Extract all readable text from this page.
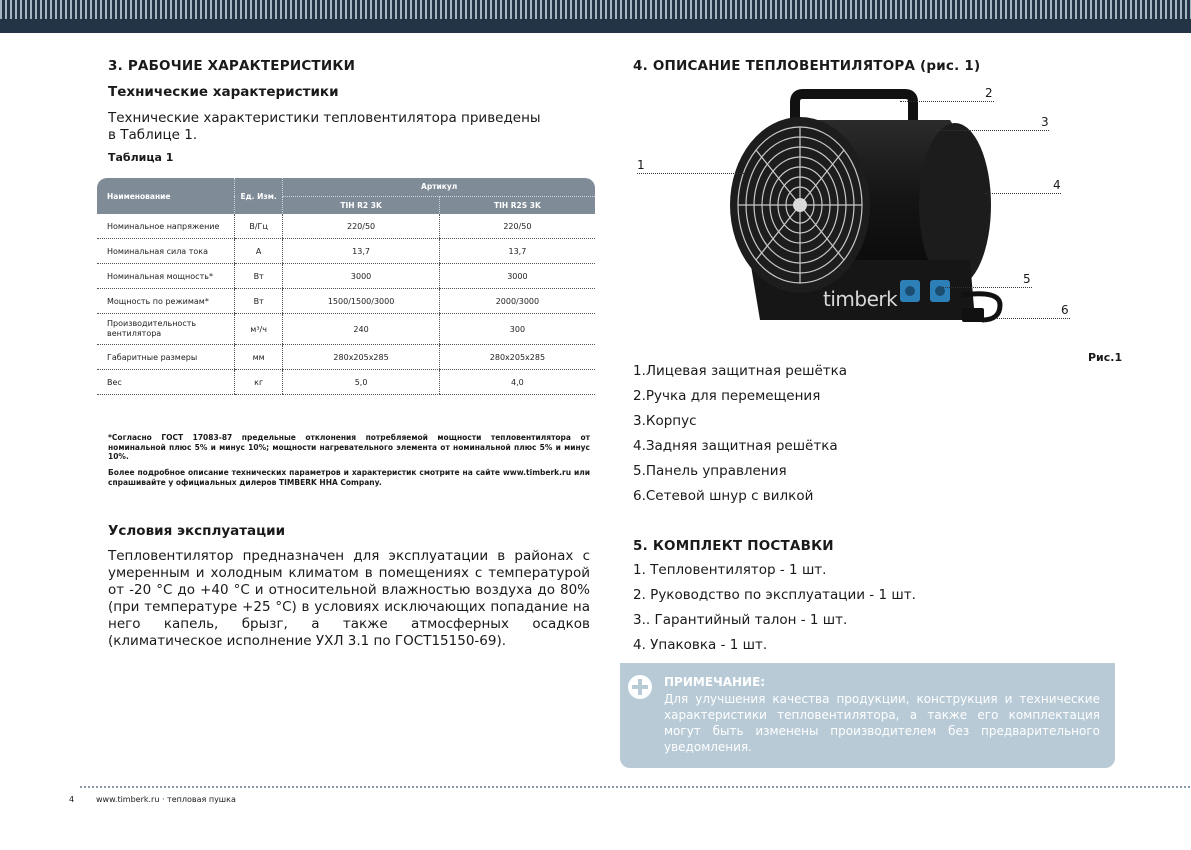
3. РАБОЧИЕ ХАРАКТЕРИСТИКИ
Технические характеристики
Технические характеристики тепловентилятора приведены в Таблице 1.
Таблица 1
Наименование	Ед. Изм.	Артикул	
		TIH R2 3K	TIH R2S 3K
Номинальное напряжение	В/Гц	220/50	220/50
Номинальная сила тока	А	13,7	13,7
Номинальная мощность*	Вт	3000	3000
Мощность по режимам*	Вт	1500/1500/3000	2000/3000
Производительность вентилятора	м³/ч	240	300
Габаритные размеры	мм	280x205x285	280x205x285
Вес	кг	5,0	4,0
*Согласно ГОСТ 17083-87 предельные отклонения потребляемой мощности тепловентилятора от номинальной плюс 5% и минус 10%; мощности нагревательного элемента от номинальной плюс 5% и минус 10%.
Более подробное описание технических параметров и характеристик смотрите на сайте www.timberk.ru или спрашивайте у официальных дилеров TIMBERK HHA Company.
Условия эксплуатации
Тепловентилятор предназначен для эксплуатации в районах с умеренным и холодным климатом в помещениях с температурой от -20 °С до +40 °С и относительной влажностью воздуха до 80% (при температуре +25 °С) в условиях исключающих попадание на него капель, брызг, а также атмосферных осадков (климатическое исполнение УХЛ 3.1 по ГОСТ15150-69).
4. ОПИСАНИЕ ТЕПЛОВЕНТИЛЯТОРА (рис. 1)
timberk
1
2
3
4
5
6
Рис.1
1.Лицевая защитная решётка
2.Ручка для перемещения
3.Корпус
4.Задняя защитная решётка
5.Панель управления
6.Сетевой шнур с вилкой
5. КОМПЛЕКТ ПОСТАВКИ
1. Тепловентилятор - 1 шт.
2. Руководство по эксплуатации - 1 шт.
3.. Гарантийный талон - 1 шт.
4. Упаковка - 1 шт.
ПРИМЕЧАНИЕ:
Для улучшения качества продукции, конструкция и технические характеристики тепловентилятора, а также его комплектация могут быть изменены производителем без предварительного уведомления.
4	www.timberk.ru · тепловая пушка
